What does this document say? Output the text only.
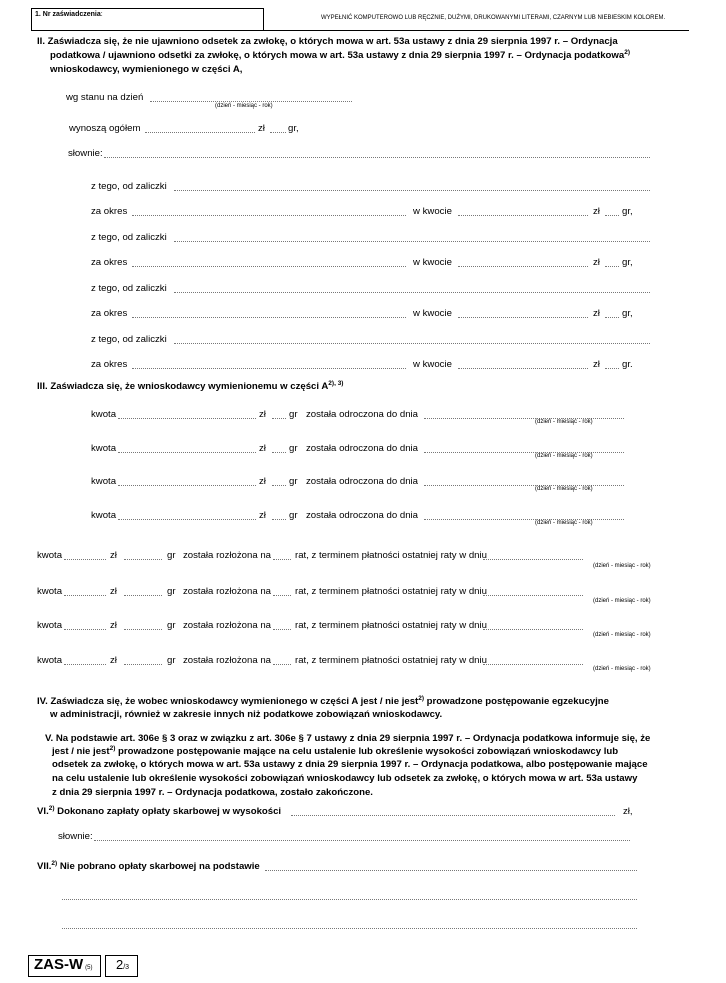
1. Nr zaświadczenia:	WYPEŁNIĆ KOMPUTEROWO LUB RĘCZNIE, DUŻYMI, DRUKOWANYMI LITERAMI, CZARNYM LUB NIEBIESKIM KOLOREM.
II. Zaświadcza się, że nie ujawniono odsetek za zwłokę, o których mowa w art. 53a ustawy z dnia 29 sierpnia 1997 r. – Ordynacja
podatkowa / ujawniono odsetki za zwłokę, o których mowa w art. 53a ustawy z dnia 29 sierpnia 1997 r. – Ordynacja podatkowa$^{2)}$
wnioskodawcy, wymienionego w części A,
wg stanu na dzień
(dzień - miesiąc - rok)
wynoszą ogółem	zł gr,
słownie:
z tego, od zaliczki
za okres	w kwocie	zł gr,
z tego, od zaliczki
za okres	w kwocie	zł gr,
z tego, od zaliczki
za okres	w kwocie	zł gr,
z tego, od zaliczki
za okres	w kwocie	zł gr.
III. Zaświadcza się, że wnioskodawcy wymienionemu w części $A^{2), 3)}$
kwota	zł gr została odroczona do dnia
(dzień - miesiąc - rok)
kwota	zł gr została odroczona do dnia
(dzień - miesiąc - rok)
kwota	zł gr została odroczona do dnia
(dzień - miesiąc - rok)
kwota	zł gr została odroczona do dnia
(dzień - miesiąc - rok)
kwota	zł	gr została rozłożona na	rat, z terminem płatności ostatniej raty w dniu
(dzień - miesiąc - rok)
kwota	zł	gr została rozłożona na	rat, z terminem płatności ostatniej raty w dniu
(dzień - miesiąc - rok)
kwota	zł	gr została rozłożona na	rat, z terminem płatności ostatniej raty w dniu
(dzień - miesiąc - rok)
kwota	zł	gr została rozłożona na	rat, z terminem płatności ostatniej raty w dniu
(dzień - miesiąc - rok)
IV. Zaświadcza się, że wobec wnioskodawcy wymienionego w części A jest / nie jest$^{2)}$ prowadzone postępowanie egzekucyjne
w administracji, również w zakresie innych niż podatkowe zobowiązań wnioskodawcy.
V. Na podstawie art. 306e § 3 oraz w związku z art. 306e § 7 ustawy z dnia 29 sierpnia 1997 r. – Ordynacja podatkowa informuje się, że
jest / nie jest$^{2)}$ prowadzone postępowanie mające na celu ustalenie lub określenie wysokości zobowiązań wnioskodawcy lub
odsetek za zwłokę, o których mowa w art. 53a ustawy z dnia 29 sierpnia 1997 r. – Ordynacja podatkowa, albo postępowanie mające
na celu ustalenie lub określenie wysokości zobowiązań wnioskodawcy lub odsetek za zwłokę, o których mowa w art. 53a ustawy
z dnia 29 sierpnia 1997 r. – Ordynacja podatkowa, zostało zakończone.
VI.$^{2)}$ Dokonano zapłaty opłaty skarbowej w wysokości	zł,
słownie:
VII.$^{2)}$ Nie pobrano opłaty skarbowej na podstawie
ZAS-W (5) 2/3
